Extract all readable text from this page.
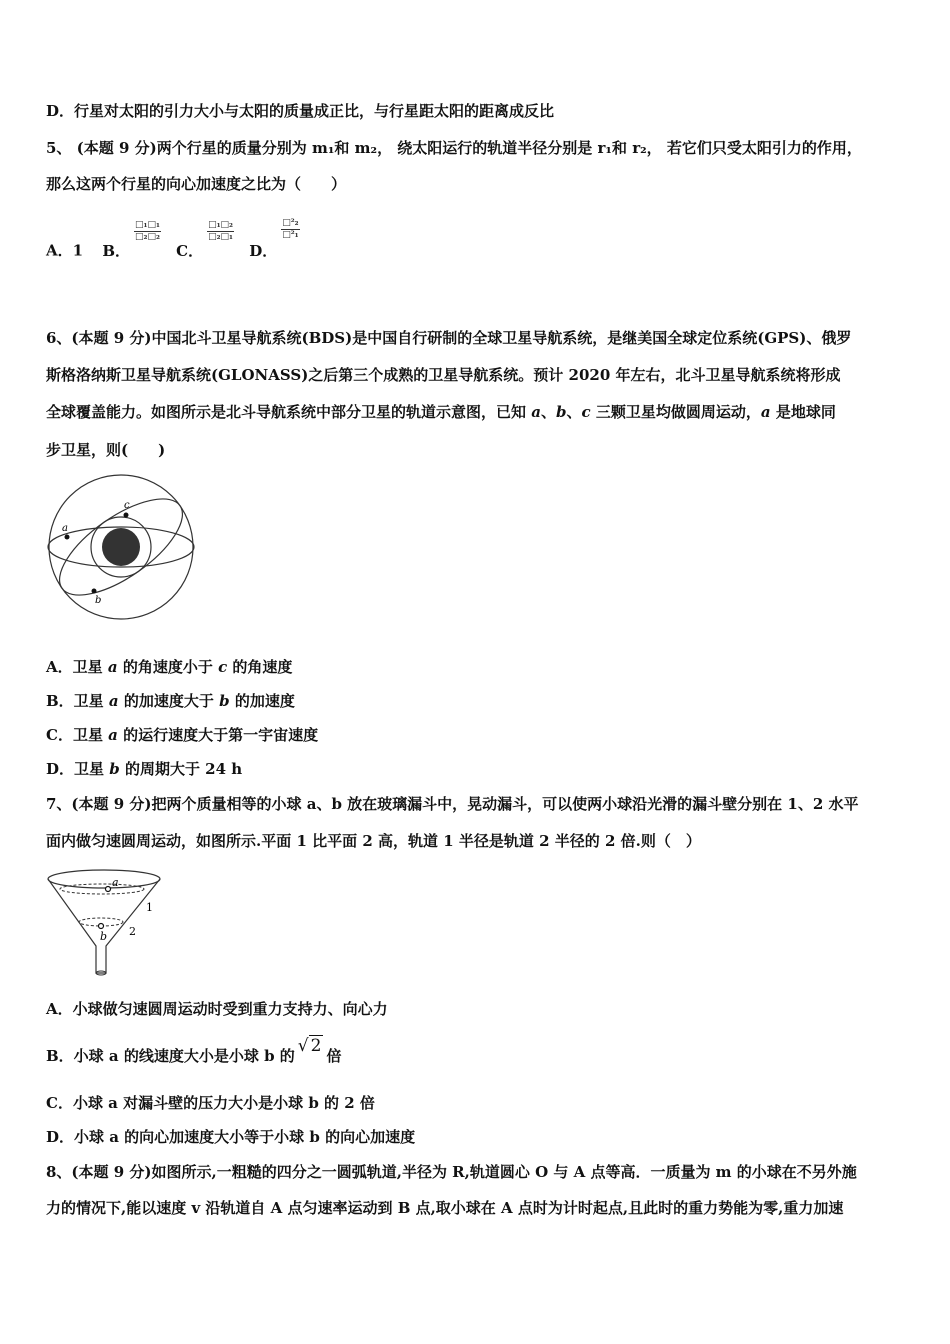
D．行星对太阳的引力大小与太阳的质量成正比，与行星距太阳的距离成反比
5、 (本题 9 分)两个行星的质量分别为 m₁和 m₂， 绕太阳运行的轨道半径分别是 r₁和 r₂， 若它们只受太阳引力的作用，
那么这两个行星的向心加速度之比为（　　）
A．1 B．
$\frac{\text{□₁□₁}}{\text{□₂□₂}}$
C．
$\frac{\text{□₁□₂}}{\text{□₂□₁}}$
D．
$\frac{\text{□²₂}}{\text{□²₁}}$
6、(本题 9 分)中国北斗卫星导航系统(BDS)是中国自行研制的全球卫星导航系统，是继美国全球定位系统(GPS)、俄罗
斯格洛纳斯卫星导航系统(GLONASS)之后第三个成熟的卫星导航系统。预计 2020 年左右，北斗卫星导航系统将形成
全球覆盖能力。如图所示是北斗导航系统中部分卫星的轨道示意图，已知 a、b、c 三颗卫星均做圆周运动，a 是地球同
步卫星，则(　　)
a
c
b
A．卫星 a 的角速度小于 c 的角速度
B．卫星 a 的加速度大于 b 的加速度
C．卫星 a 的运行速度大于第一宇宙速度
D．卫星 b 的周期大于 24 h
7、(本题 9 分)把两个质量相等的小球 a、b 放在玻璃漏斗中，晃动漏斗，可以使两小球沿光滑的漏斗壁分别在 1、2 水平
面内做匀速圆周运动，如图所示.平面 1 比平面 2 高，轨道 1 半径是轨道 2 半径的 2 倍.则（　）
a
b
1
2
A．小球做匀速圆周运动时受到重力支持力、向心力
B．小球 a 的线速度大小是小球 b 的 √ 2 倍
C．小球 a 对漏斗壁的压力大小是小球 b 的 2 倍
D．小球 a 的向心加速度大小等于小球 b 的向心加速度
8、(本题 9 分)如图所示,一粗糙的四分之一圆弧轨道,半径为 R,轨道圆心 O 与 A 点等高．一质量为 m 的小球在不另外施
力的情况下,能以速度 v 沿轨道自 A 点匀速率运动到 B 点,取小球在 A 点时为计时起点,且此时的重力势能为零,重力加速
